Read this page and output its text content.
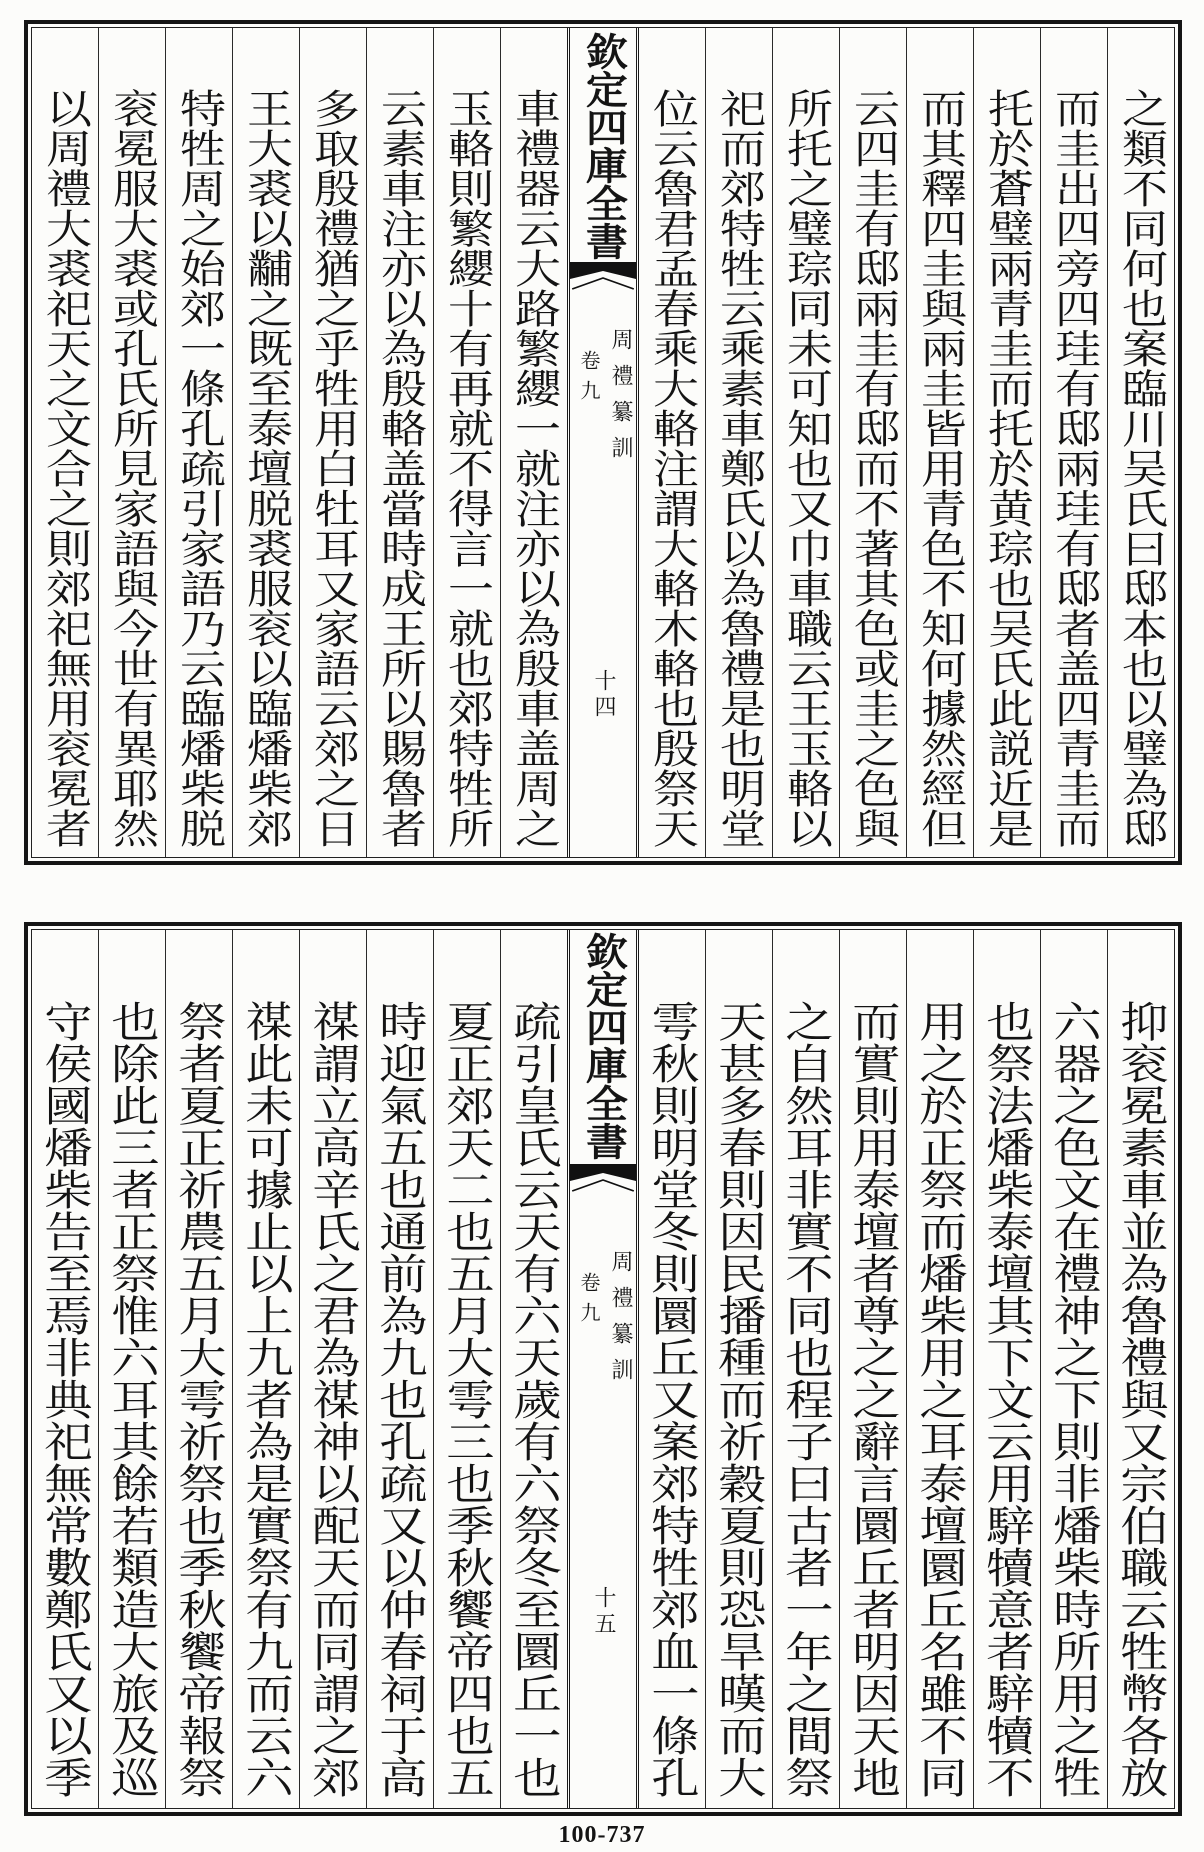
之類不同何也案臨川吴氏曰邸本也以璧為邸
而圭出四旁四珪有邸兩珪有邸者盖四青圭而
托於蒼璧兩青圭而托於黄琮也吴氏此説近是
而其釋四圭與兩圭皆用青色不知何據然經但
云四圭有邸兩圭有邸而不著其色或圭之色與
所托之璧琮同未可知也又巾車職云王玉輅以
祀而郊特牲云乘素車鄭氏以為魯禮是也明堂
位云魯君孟春乘大輅注謂大輅木輅也殷祭天
欽定四庫全書
周禮纂訓
卷九
十四
車禮器云大路繁纓一就注亦以為殷車盖周之
玉輅則繁纓十有再就不得言一就也郊特牲所
云素車注亦以為殷輅盖當時成王所以賜魯者
多取殷禮猶之乎牲用白牡耳又家語云郊之日
王大裘以黼之既至泰壇脱裘服衮以臨燔柴郊
特牲周之始郊一條孔疏引家語乃云臨燔柴脱
衮冕服大裘或孔氏所見家語與今世有異耶然
以周禮大裘祀天之文合之則郊祀無用衮冕者
抑衮冕素車並為魯禮與又宗伯職云牲幣各放
六器之色文在禮神之下則非燔柴時所用之牲
也祭法燔柴泰壇其下文云用騂犢意者騂犢不
用之於正祭而燔柴用之耳泰壇圜丘名雖不同
而實則用泰壇者尊之之辭言圜丘者明因天地
之自然耳非實不同也程子曰古者一年之間祭
天甚多春則因民播種而祈穀夏則恐旱暵而大
雩秋則明堂冬則圜丘又案郊特牲郊血一條孔
欽定四庫全書
周禮纂訓
卷九
十五
疏引皇氏云天有六天歲有六祭冬至圜丘一也
夏正郊天二也五月大雩三也季秋饗帝四也五
時迎氣五也通前為九也孔疏又以仲春祠于高
禖謂立高辛氏之君為禖神以配天而同謂之郊
禖此未可據止以上九者為是實祭有九而云六
祭者夏正祈農五月大雩祈祭也季秋饗帝報祭
也除此三者正祭惟六耳其餘若類造大旅及巡
守侯國燔柴告至焉非典祀無常數鄭氏又以季
100-737
